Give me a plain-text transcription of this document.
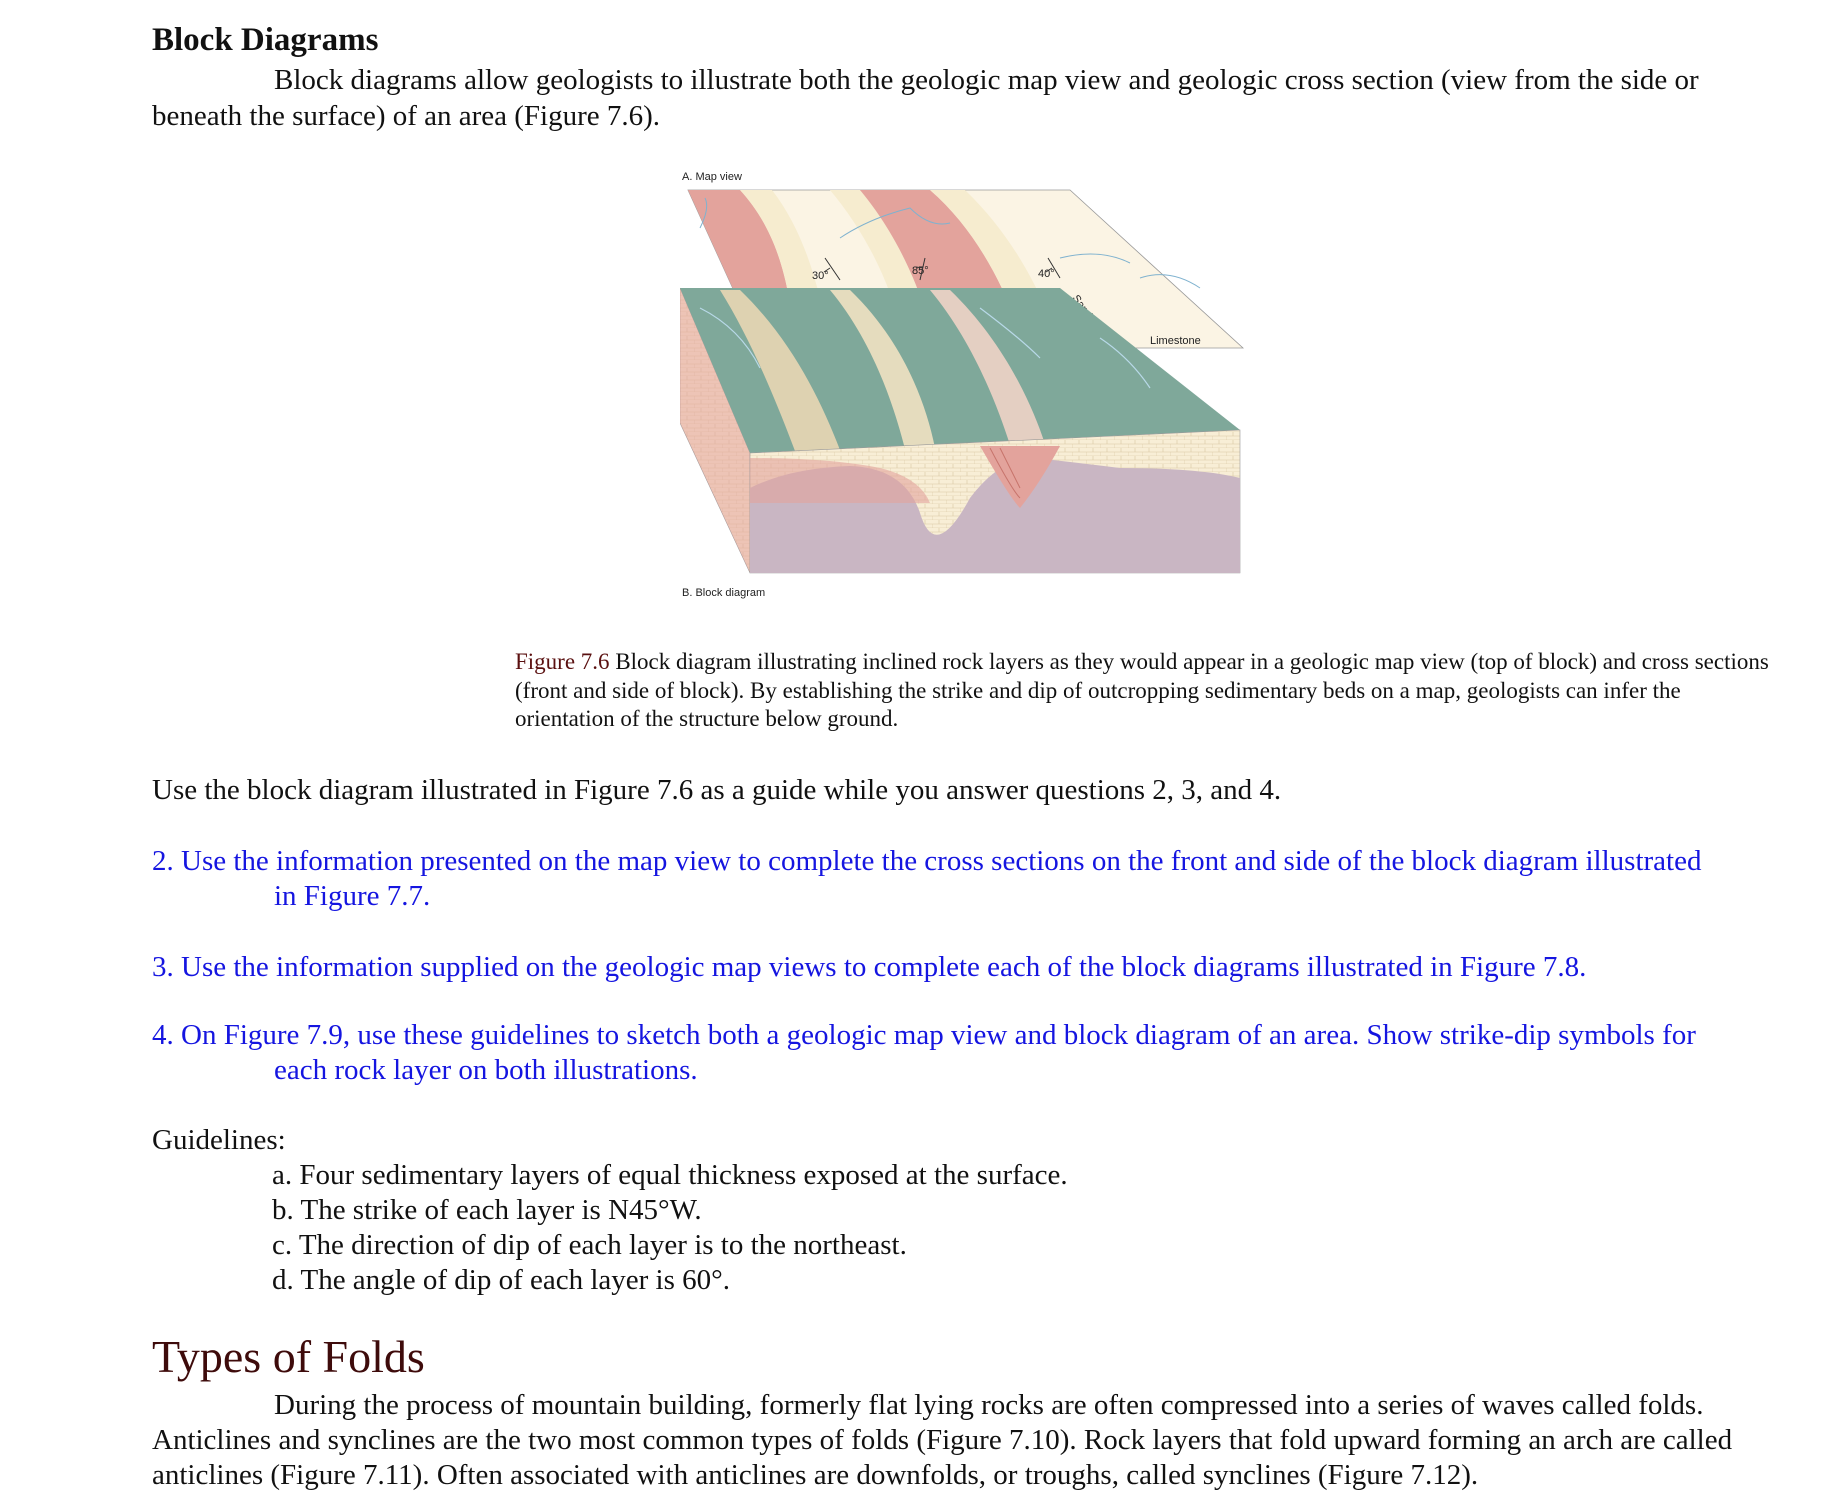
Block Diagrams
Block diagrams allow geologists to illustrate both the geologic map view and geologic cross section (view from the side or beneath the surface) of an area (Figure 7.6).
A. Map view
Limestone
30°	85°	40°
B. Block diagram
Figure 7.6 Block diagram illustrating inclined rock layers as they would appear in a geologic map view (top of block) and cross sections (front and side of block). By establishing the strike and dip of outcropping sedimentary beds on a map, geologists can infer the orientation of the structure below ground.
Use the block diagram illustrated in Figure 7.6 as a guide while you answer questions 2, 3, and 4.
2. Use the information presented on the map view to complete the cross sections on the front and side of the block diagram illustrated
in Figure 7.7.
3. Use the information supplied on the geologic map views to complete each of the block diagrams illustrated in Figure 7.8.
4. On Figure 7.9, use these guidelines to sketch both a geologic map view and block diagram of an area. Show strike-dip symbols for
each rock layer on both illustrations.
Guidelines:
a. Four sedimentary layers of equal thickness exposed at the surface.
b. The strike of each layer is N45°W.
c. The direction of dip of each layer is to the northeast.
d. The angle of dip of each layer is 60°.
Types of Folds
During the process of mountain building, formerly flat lying rocks are often compressed into a series of waves called folds. Anticlines and synclines are the two most common types of folds (Figure 7.10). Rock layers that fold upward forming an arch are called anticlines (Figure 7.11). Often associated with anticlines are downfolds, or troughs, called synclines (Figure 7.12).
